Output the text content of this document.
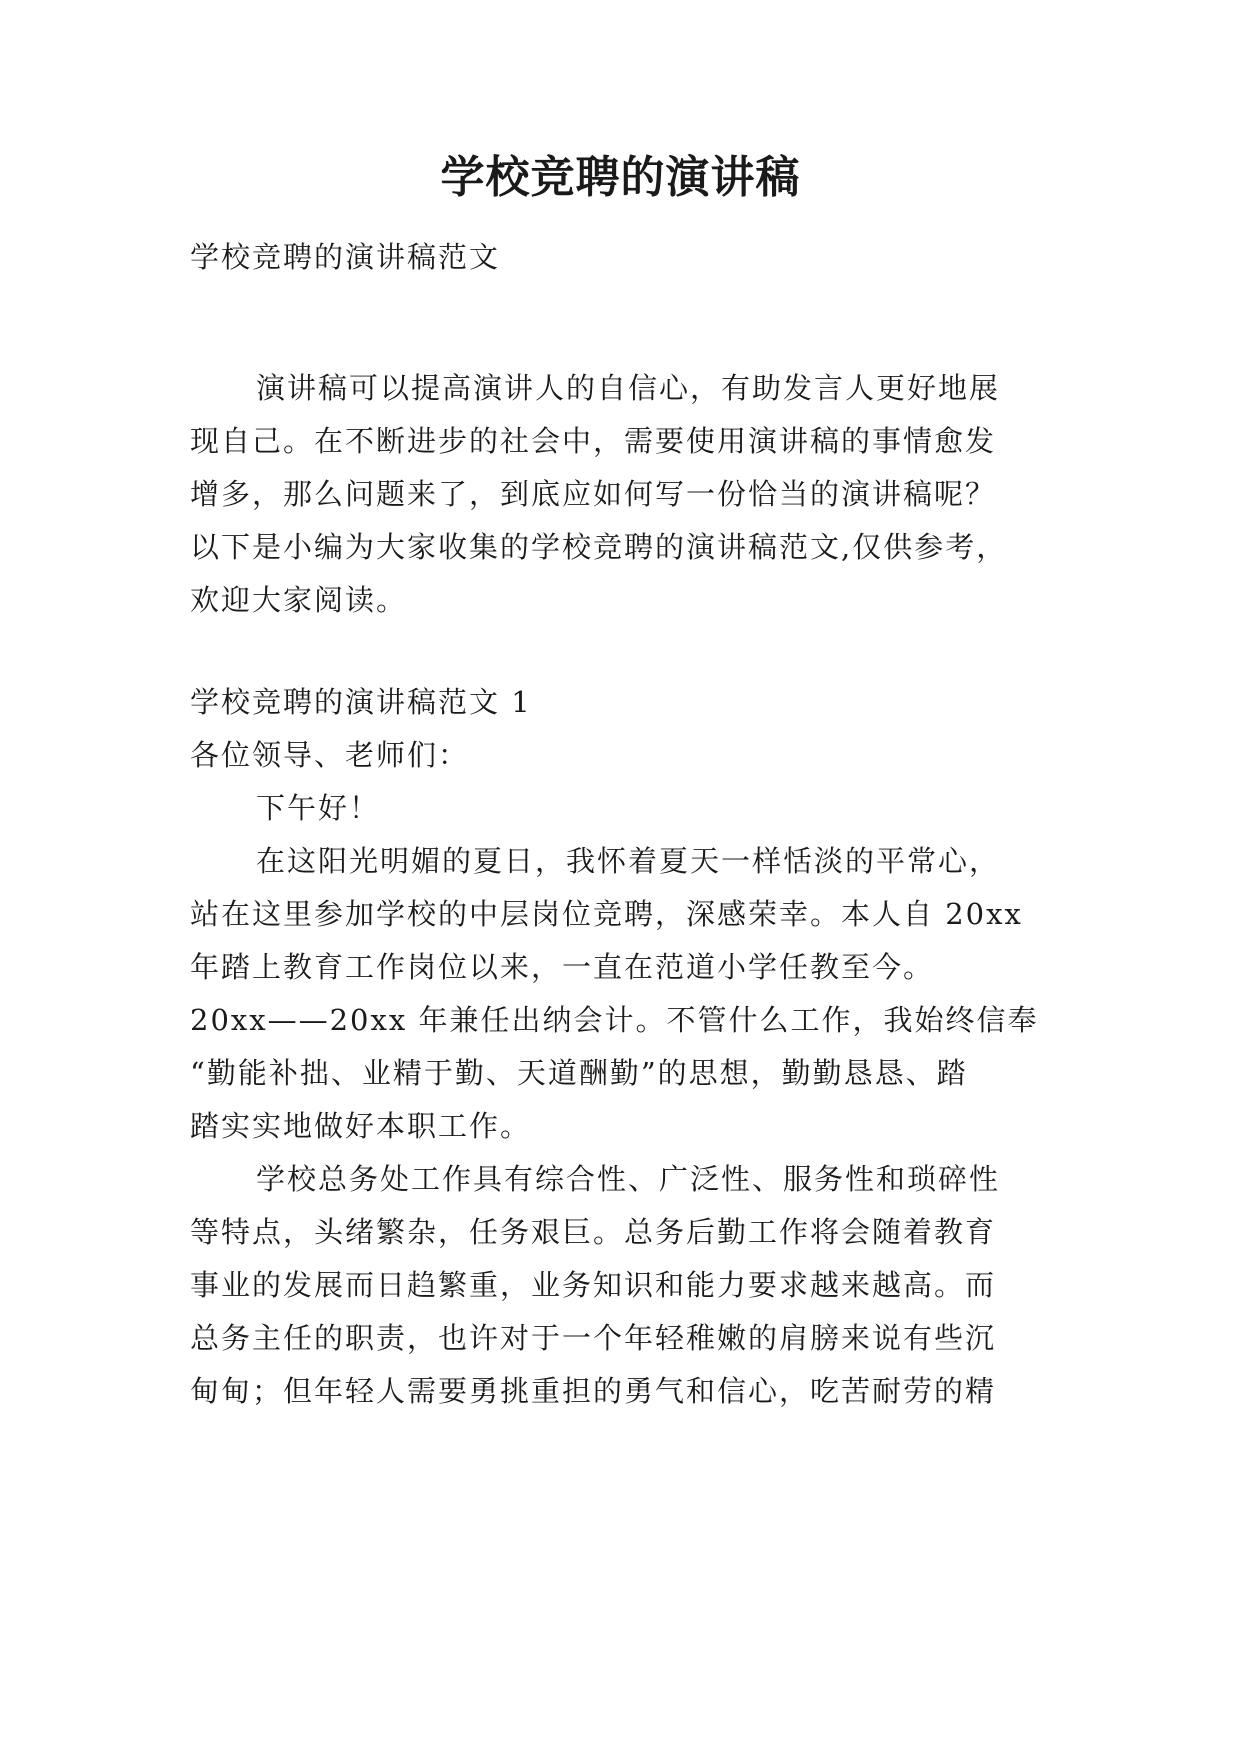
学校竞聘的演讲稿
学校竞聘的演讲稿范文
演讲稿可以提高演讲人的自信心，有助发言人更好地展
现自己。在不断进步的社会中，需要使用演讲稿的事情愈发
增多，那么问题来了，到底应如何写一份恰当的演讲稿呢？
以下是小编为大家收集的学校竞聘的演讲稿范文,仅供参考，
欢迎大家阅读。
学校竞聘的演讲稿范文 1
各位领导、老师们：
下午好！
在这阳光明媚的夏日，我怀着夏天一样恬淡的平常心，
站在这里参加学校的中层岗位竞聘，深感荣幸。本人自 20xx
年踏上教育工作岗位以来，一直在范道小学任教至今。
20xx——20xx 年兼任出纳会计。不管什么工作，我始终信奉
“勤能补拙、业精于勤、天道酬勤”的思想，勤勤恳恳、踏
踏实实地做好本职工作。
学校总务处工作具有综合性、广泛性、服务性和琐碎性
等特点，头绪繁杂，任务艰巨。总务后勤工作将会随着教育
事业的发展而日趋繁重，业务知识和能力要求越来越高。而
总务主任的职责，也许对于一个年轻稚嫩的肩膀来说有些沉
甸甸；但年轻人需要勇挑重担的勇气和信心，吃苦耐劳的精
